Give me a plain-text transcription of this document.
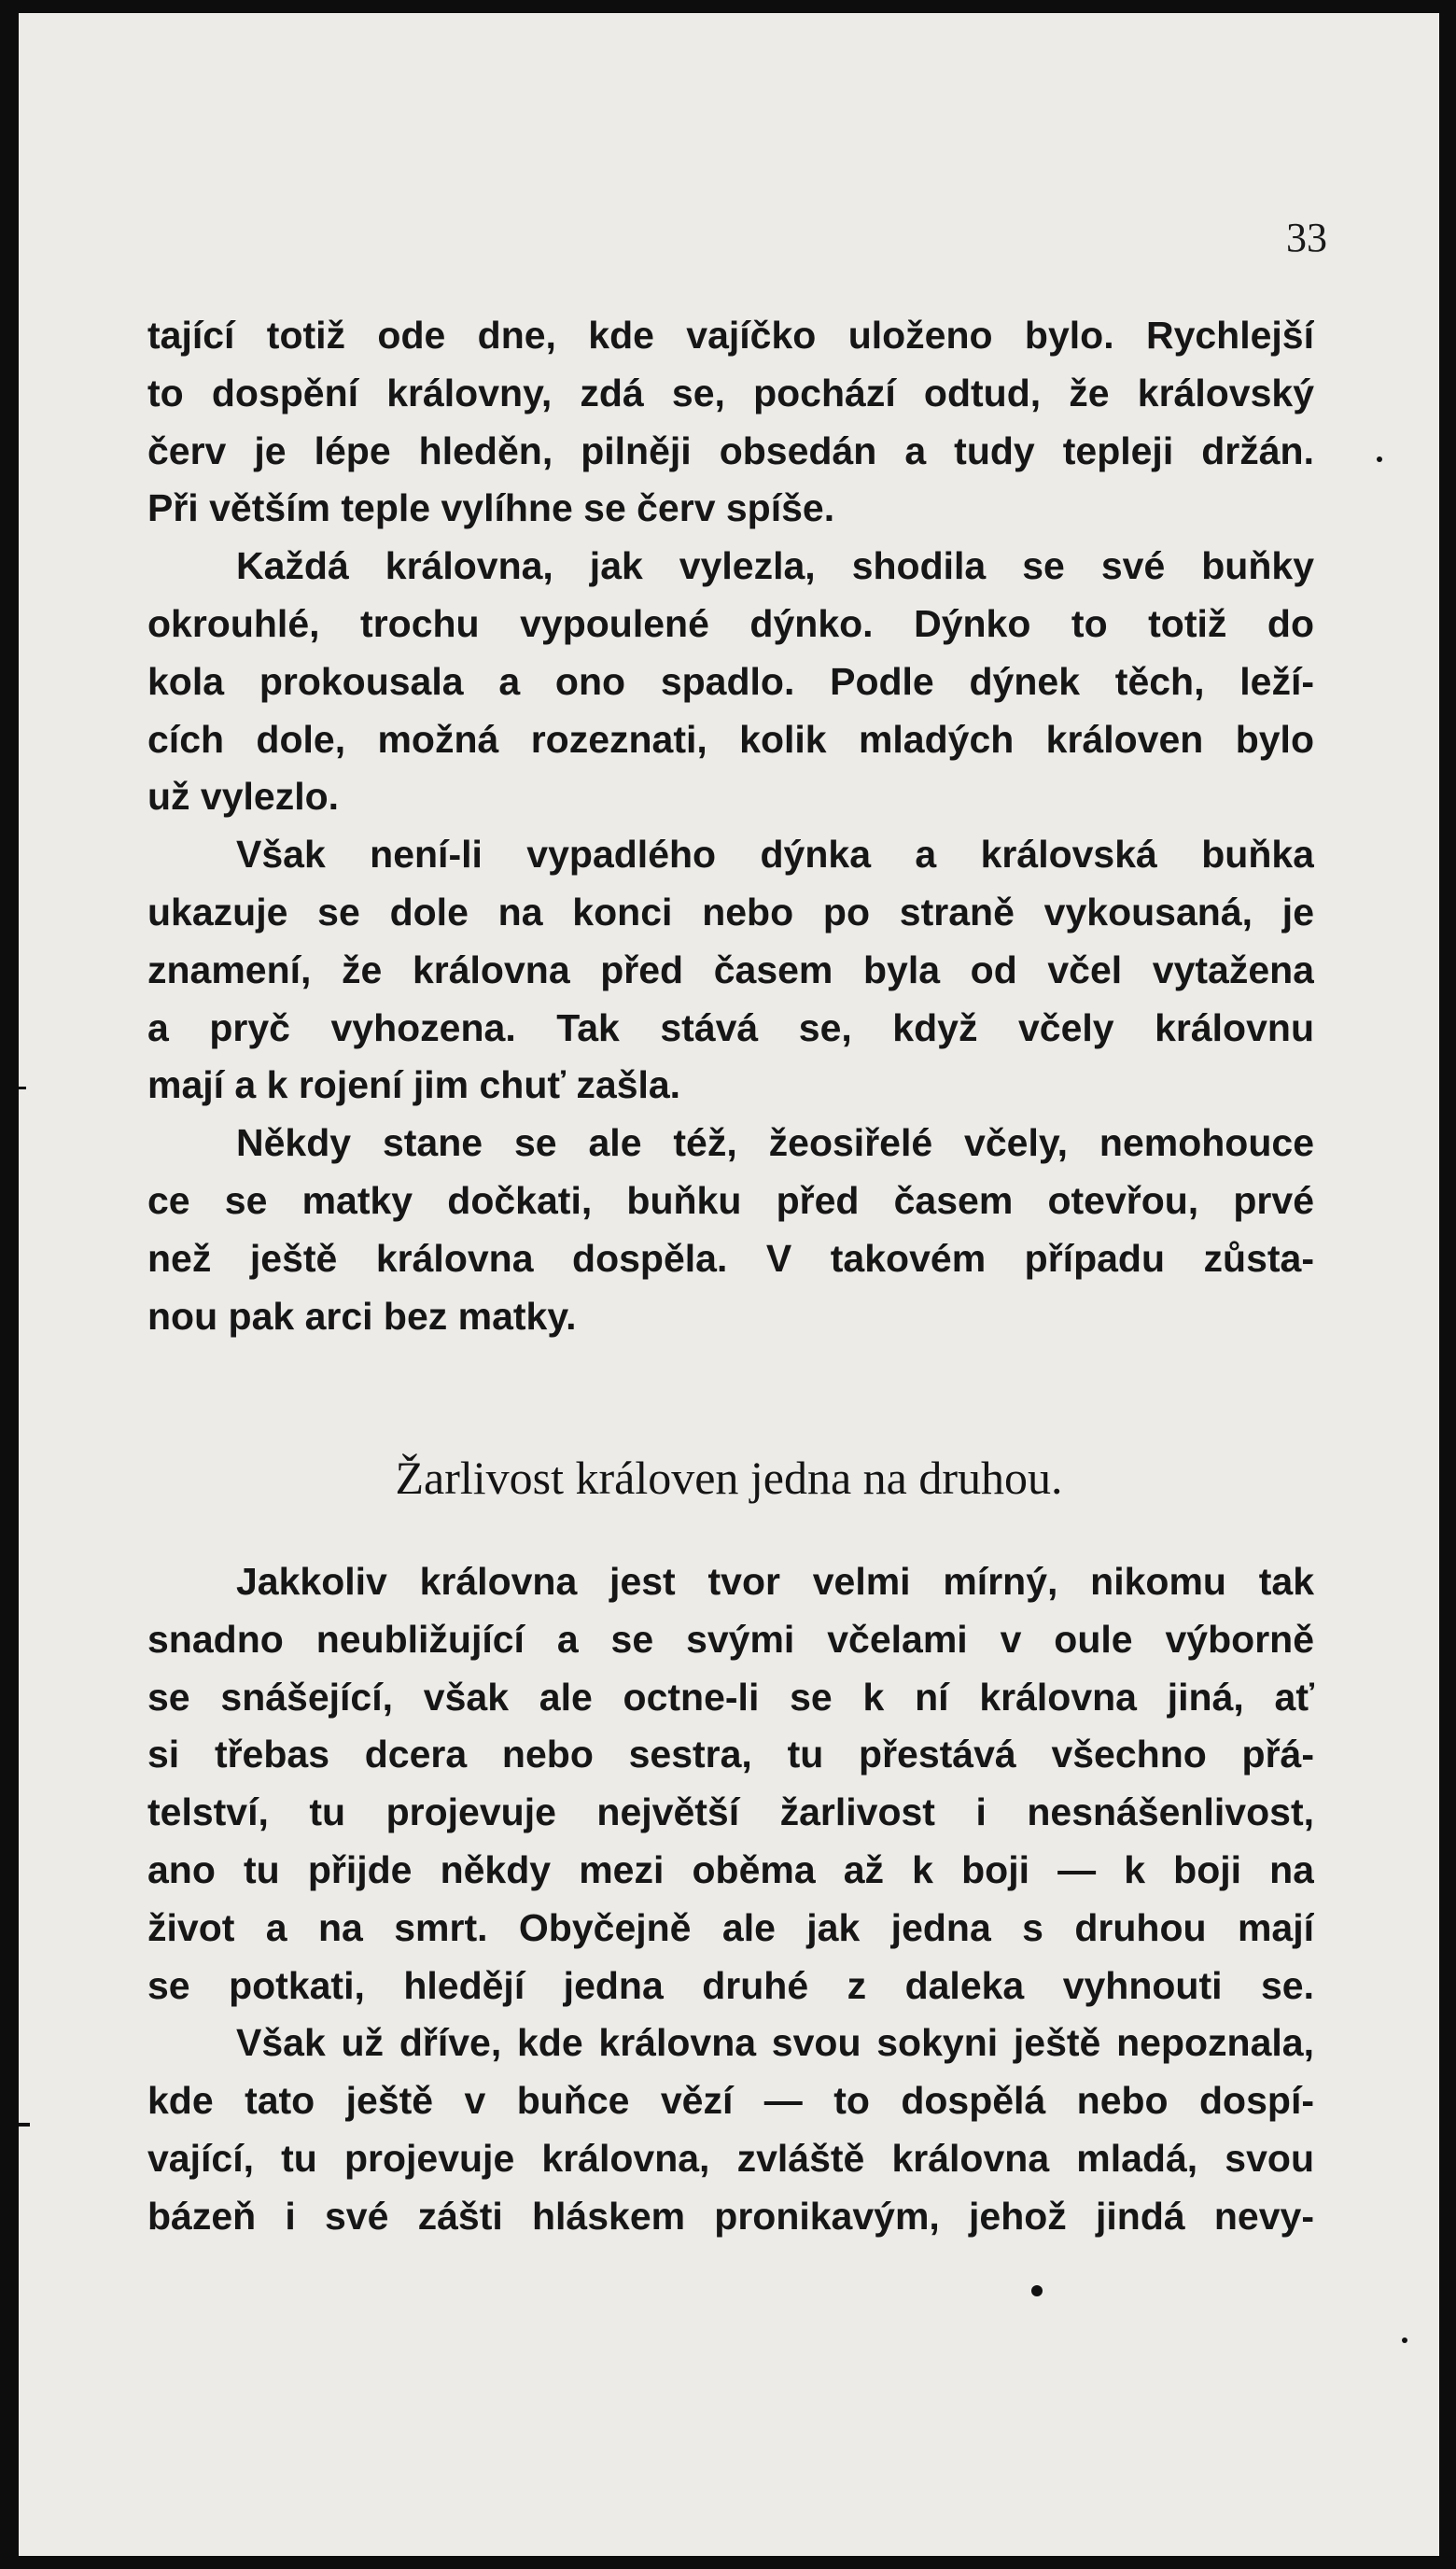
33
tající totiž ode dne, kde vajíčko uloženo bylo. Rychlejší
to dospění královny, zdá se, pochází odtud, že královský
červ je lépe hleděn, pilněji obsedán a tudy tepleji držán.
Při větším teple vylíhne se červ spíše.
Každá královna, jak vylezla, shodila se své buňky
okrouhlé, trochu vypoulené dýnko. Dýnko to totiž do
kola prokousala a ono spadlo. Podle dýnek těch, leží-
cích dole, možná rozeznati, kolik mladých královen bylo
už vylezlo.
Však není-li vypadlého dýnka a královská buňka
ukazuje se dole na konci nebo po straně vykousaná, je
znamení, že královna před časem byla od včel vytažena
a pryč vyhozena. Tak stává se, když včely královnu
mají a k rojení jim chuť zašla.
Někdy stane se ale též, žeosiřelé včely, nemohouce
ce se matky dočkati, buňku před časem otevřou, prvé
než ještě královna dospěla. V takovém případu zůsta-
nou pak arci bez matky.
Žarlivost královen jedna na druhou.
Jakkoliv královna jest tvor velmi mírný, nikomu tak
snadno neubližující a se svými včelami v oule výborně
se snášející, však ale octne-li se k ní královna jiná, ať
si třebas dcera nebo sestra, tu přestává všechno přá-
telství, tu projevuje největší žarlivost i nesnášenlivost,
ano tu přijde někdy mezi oběma až k boji — k boji na
život a na smrt. Obyčejně ale jak jedna s druhou mají
se potkati, hledějí jedna druhé z daleka vyhnouti se.
Však už dříve, kde královna svou sokyni ještě nepoznala,
kde tato ještě v buňce vězí — to dospělá nebo dospí-
vající, tu projevuje královna, zvláště královna mladá, svou
bázeň i své zášti hláskem pronikavým, jehož jindá nevy-
